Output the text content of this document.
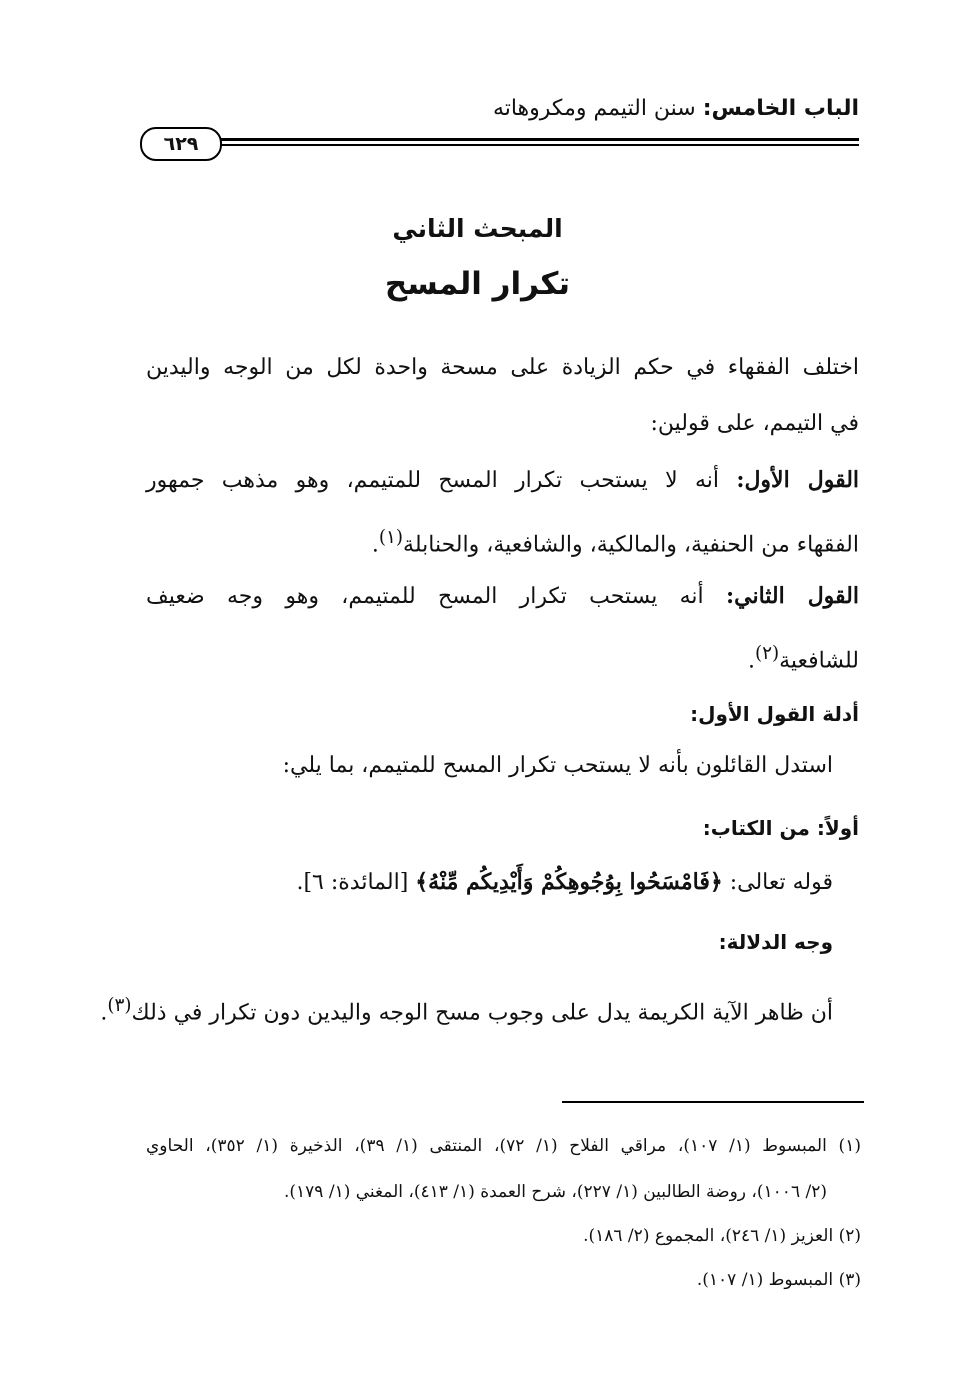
الباب الخامس: سنن التيمم ومكروهاته
٦٢٩
المبحث الثاني
تكرار المسح
اختلف الفقهاء في حكم الزيادة على مسحة واحدة لكل من الوجه واليدين
في التيمم، على قولين:
القول الأول: أنه لا يستحب تكرار المسح للمتيمم، وهو مذهب جمهور
الفقهاء من الحنفية، والمالكية، والشافعية، والحنابلة$^{(١)}$.
القول الثاني: أنه يستحب تكرار المسح للمتيمم، وهو وجه ضعيف
للشافعية$^{(٢)}$.
أدلة القول الأول:
استدل القائلون بأنه لا يستحب تكرار المسح للمتيمم، بما يلي:
أولاً: من الكتاب:
قوله تعالى: ﴿فَامْسَحُوا بِوُجُوهِكُمْ وَأَيْدِيكُم مِّنْهُ﴾ [المائدة: ٦].
وجه الدلالة:
أن ظاهر الآية الكريمة يدل على وجوب مسح الوجه واليدين دون تكرار في ذلك$^{(٣)}$.
(١) المبسوط (١/ ١٠٧)، مراقي الفلاح (١/ ٧٢)، المنتقى (١/ ٣٩)، الذخيرة (١/ ٣٥٢)، الحاوي
(٢/ ١٠٠٦)، روضة الطالبين (١/ ٢٢٧)، شرح العمدة (١/ ٤١٣)، المغني (١/ ١٧٩).
(٢) العزيز (١/ ٢٤٦)، المجموع (٢/ ١٨٦).
(٣) المبسوط (١/ ١٠٧).
